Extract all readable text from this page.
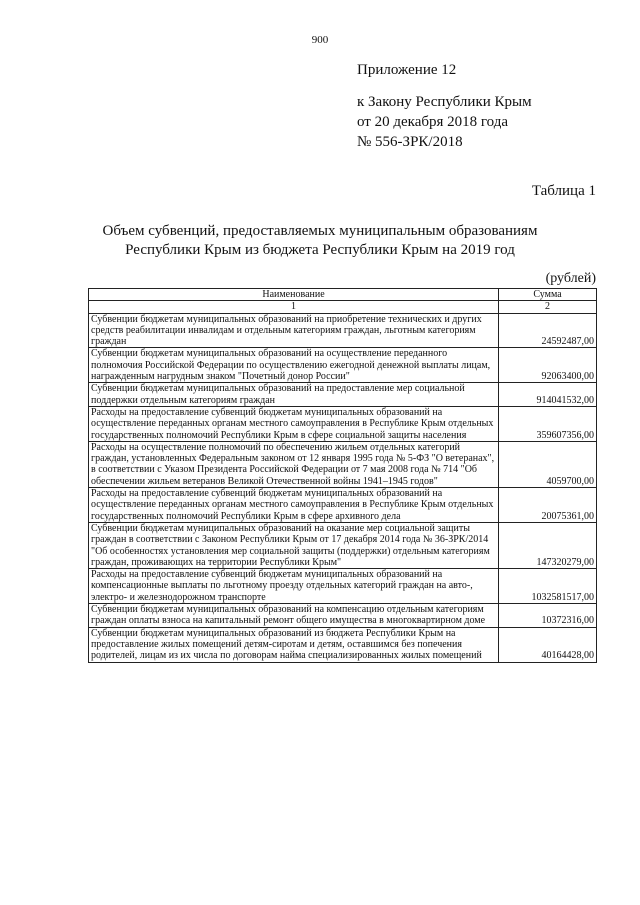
900
Приложение 12
к Закону Республики Крым
от 20 декабря 2018 года
№ 556-ЗРК/2018
Таблица 1
Объем субвенций, предоставляемых муниципальным образованиям
Республики Крым из бюджета Республики Крым на 2019 год
(рублей)
Наименование	Сумма
1	2
Субвенции бюджетам муниципальных образований на приобретение технических и других средств реабилитации инвалидам и отдельным категориям граждан, льготным категориям граждан	24592487,00
Субвенции бюджетам муниципальных образований на осуществление переданного полномочия Российской Федерации по осуществлению ежегодной денежной выплаты лицам, награжденным нагрудным знаком "Почетный донор России"	92063400,00
Субвенции бюджетам муниципальных образований на предоставление мер социальной поддержки отдельным категориям граждан	914041532,00
Расходы на предоставление субвенций бюджетам муниципальных образований на осуществление переданных органам местного самоуправления в Республике Крым отдельных государственных полномочий Республики Крым в сфере социальной защиты населения	359607356,00
Расходы на осуществление полномочий по обеспечению жильем отдельных категорий граждан, установленных Федеральным законом от 12 января 1995 года № 5-ФЗ "О ветеранах", в соответствии с Указом Президента Российской Федерации от 7 мая 2008 года № 714 "Об обеспечении жильем ветеранов Великой Отечественной войны 1941–1945 годов"	4059700,00
Расходы на предоставление субвенций бюджетам муниципальных образований на осуществление переданных органам местного самоуправления в Республике Крым отдельных государственных полномочий Республики Крым в сфере архивного дела	20075361,00
Субвенции бюджетам муниципальных образований на оказание мер социальной защиты граждан в соответствии с Законом Республики Крым от 17 декабря 2014 года № 36-ЗРК/2014 "Об особенностях установления мер социальной защиты (поддержки) отдельным категориям граждан, проживающих на территории Республики Крым"	147320279,00
Расходы на предоставление субвенций бюджетам муниципальных образований на компенсационные выплаты по льготному проезду отдельных категорий граждан на авто-, электро- и железнодорожном транспорте	1032581517,00
Субвенции бюджетам муниципальных образований на компенсацию отдельным категориям граждан оплаты взноса на капитальный ремонт общего имущества в многоквартирном доме	10372316,00
Субвенции бюджетам муниципальных образований из бюджета Республики Крым на предоставление жилых помещений детям-сиротам и детям, оставшимся без попечения родителей, лицам из их числа по договорам найма специализированных жилых помещений	40164428,00
